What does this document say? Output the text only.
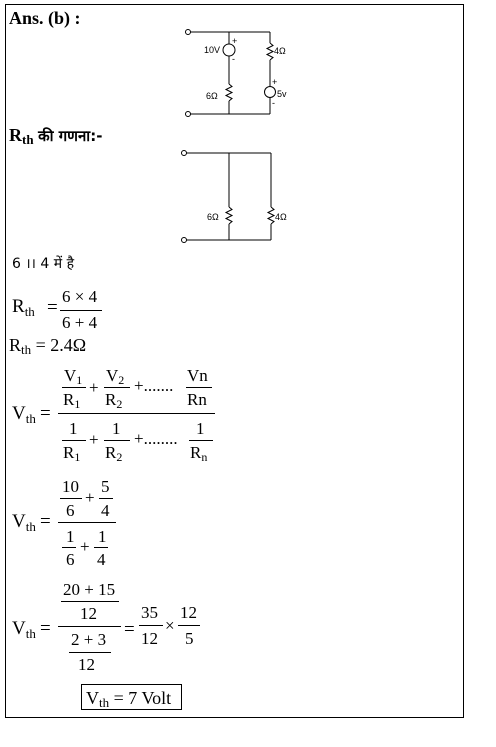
Ans. (b) :
10V
+
-
4Ω
5v
+
-
6Ω
$R_{th}$ की गणना:-
6Ω	4Ω
6 ।। 4 में है
$R_{th}$ =
6 × 4
6 + 4
$R_{th} = 2.4\Omega$
$V_{th}$ =
V1
R1
+
V2
R2
+.......
Vn
Rn
1
R1
+
1
R2
+........
1
Rn
$V_{th}$ =
10
6
+
5
4
1
6
+
1
4
$V_{th}$ =
20 + 15
12
2 + 3
12
=
35
12
×
12
5
$V_{th} = 7$ Volt
